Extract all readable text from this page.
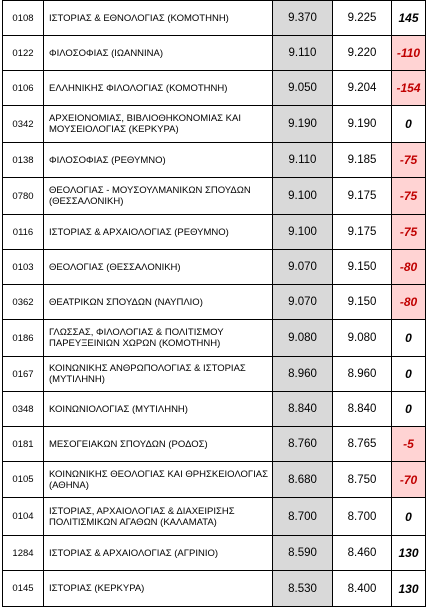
0108	ΙΣΤΟΡΙΑΣ & ΕΘΝΟΛΟΓΙΑΣ (ΚΟΜΟΤΗΝΗ)	9.370	9.225	145
0122	ΦΙΛΟΣΟΦΙΑΣ (ΙΩΑΝΝΙΝΑ)	9.110	9.220	-110
0106	ΕΛΛΗΝΙΚΗΣ ΦΙΛΟΛΟΓΙΑΣ (ΚΟΜΟΤΗΝΗ)	9.050	9.204	-154
0342	ΑΡΧΕΙΟΝΟΜΙΑΣ, ΒΙΒΛΙΟΘΗΚΟΝΟΜΙΑΣ ΚΑΙ ΜΟΥΣΕΙΟΛΟΓΙΑΣ (ΚΕΡΚΥΡΑ)	9.190	9.190	0
0138	ΦΙΛΟΣΟΦΙΑΣ (ΡΕΘΥΜΝΟ)	9.110	9.185	-75
0780	ΘΕΟΛΟΓΙΑΣ - ΜΟΥΣΟΥΛΜΑΝΙΚΩΝ ΣΠΟΥΔΩΝ (ΘΕΣΣΑΛΟΝΙΚΗ)	9.100	9.175	-75
0116	ΙΣΤΟΡΙΑΣ & ΑΡΧΑΙΟΛΟΓΙΑΣ (ΡΕΘΥΜΝΟ)	9.100	9.175	-75
0103	ΘΕΟΛΟΓΙΑΣ (ΘΕΣΣΑΛΟΝΙΚΗ)	9.070	9.150	-80
0362	ΘΕΑΤΡΙΚΩΝ ΣΠΟΥΔΩΝ (ΝΑΥΠΛΙΟ)	9.070	9.150	-80
0186	ΓΛΩΣΣΑΣ, ΦΙΛΟΛΟΓΙΑΣ & ΠΟΛΙΤΙΣΜΟΥ ΠΑΡΕΥΞΕΙΝΙΩΝ ΧΩΡΩΝ (ΚΟΜΟΤΗΝΗ)	9.080	9.080	0
0167	ΚΟΙΝΩΝΙΚΗΣ ΑΝΘΡΩΠΟΛΟΓΙΑΣ & ΙΣΤΟΡΙΑΣ (ΜΥΤΙΛΗΝΗ)	8.960	8.960	0
0348	ΚΟΙΝΩΝΙΟΛΟΓΙΑΣ (ΜΥΤΙΛΗΝΗ)	8.840	8.840	0
0181	ΜΕΣΟΓΕΙΑΚΩΝ ΣΠΟΥΔΩΝ (ΡΟΔΟΣ)	8.760	8.765	-5
0105	ΚΟΙΝΩΝΙΚΗΣ ΘΕΟΛΟΓΙΑΣ ΚΑΙ ΘΡΗΣΚΕΙΟΛΟΓΙΑΣ (ΑΘΗΝΑ)	8.680	8.750	-70
0104	ΙΣΤΟΡΙΑΣ, ΑΡΧΑΙΟΛΟΓΙΑΣ & ΔΙΑΧΕΙΡΙΣΗΣ ΠΟΛΙΤΙΣΜΙΚΩΝ ΑΓΑΘΩΝ (ΚΑΛΑΜΑΤΑ)	8.700	8.700	0
1284	ΙΣΤΟΡΙΑΣ & ΑΡΧΑΙΟΛΟΓΙΑΣ (ΑΓΡΙΝΙΟ)	8.590	8.460	130
0145	ΙΣΤΟΡΙΑΣ (ΚΕΡΚΥΡΑ)	8.530	8.400	130
